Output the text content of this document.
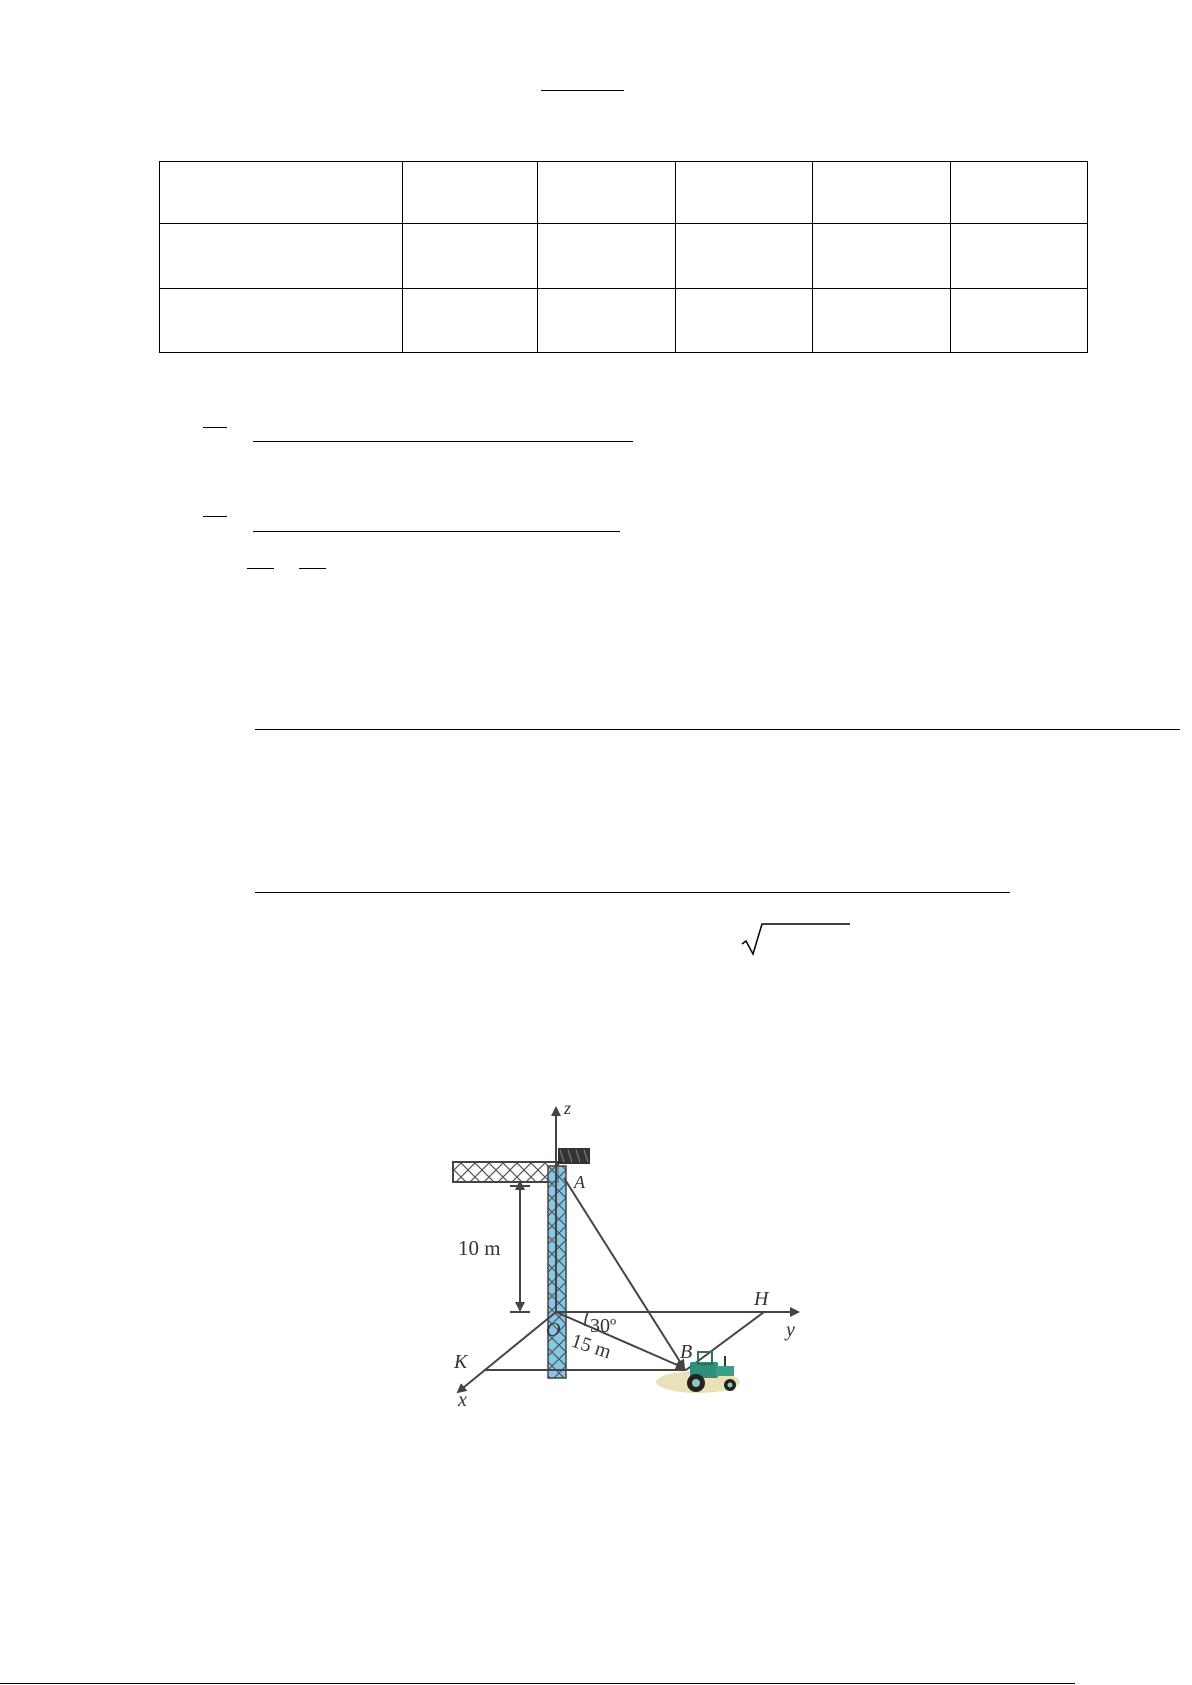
z
A
10 m
H
y
O 30º
15 m	B
K
x
